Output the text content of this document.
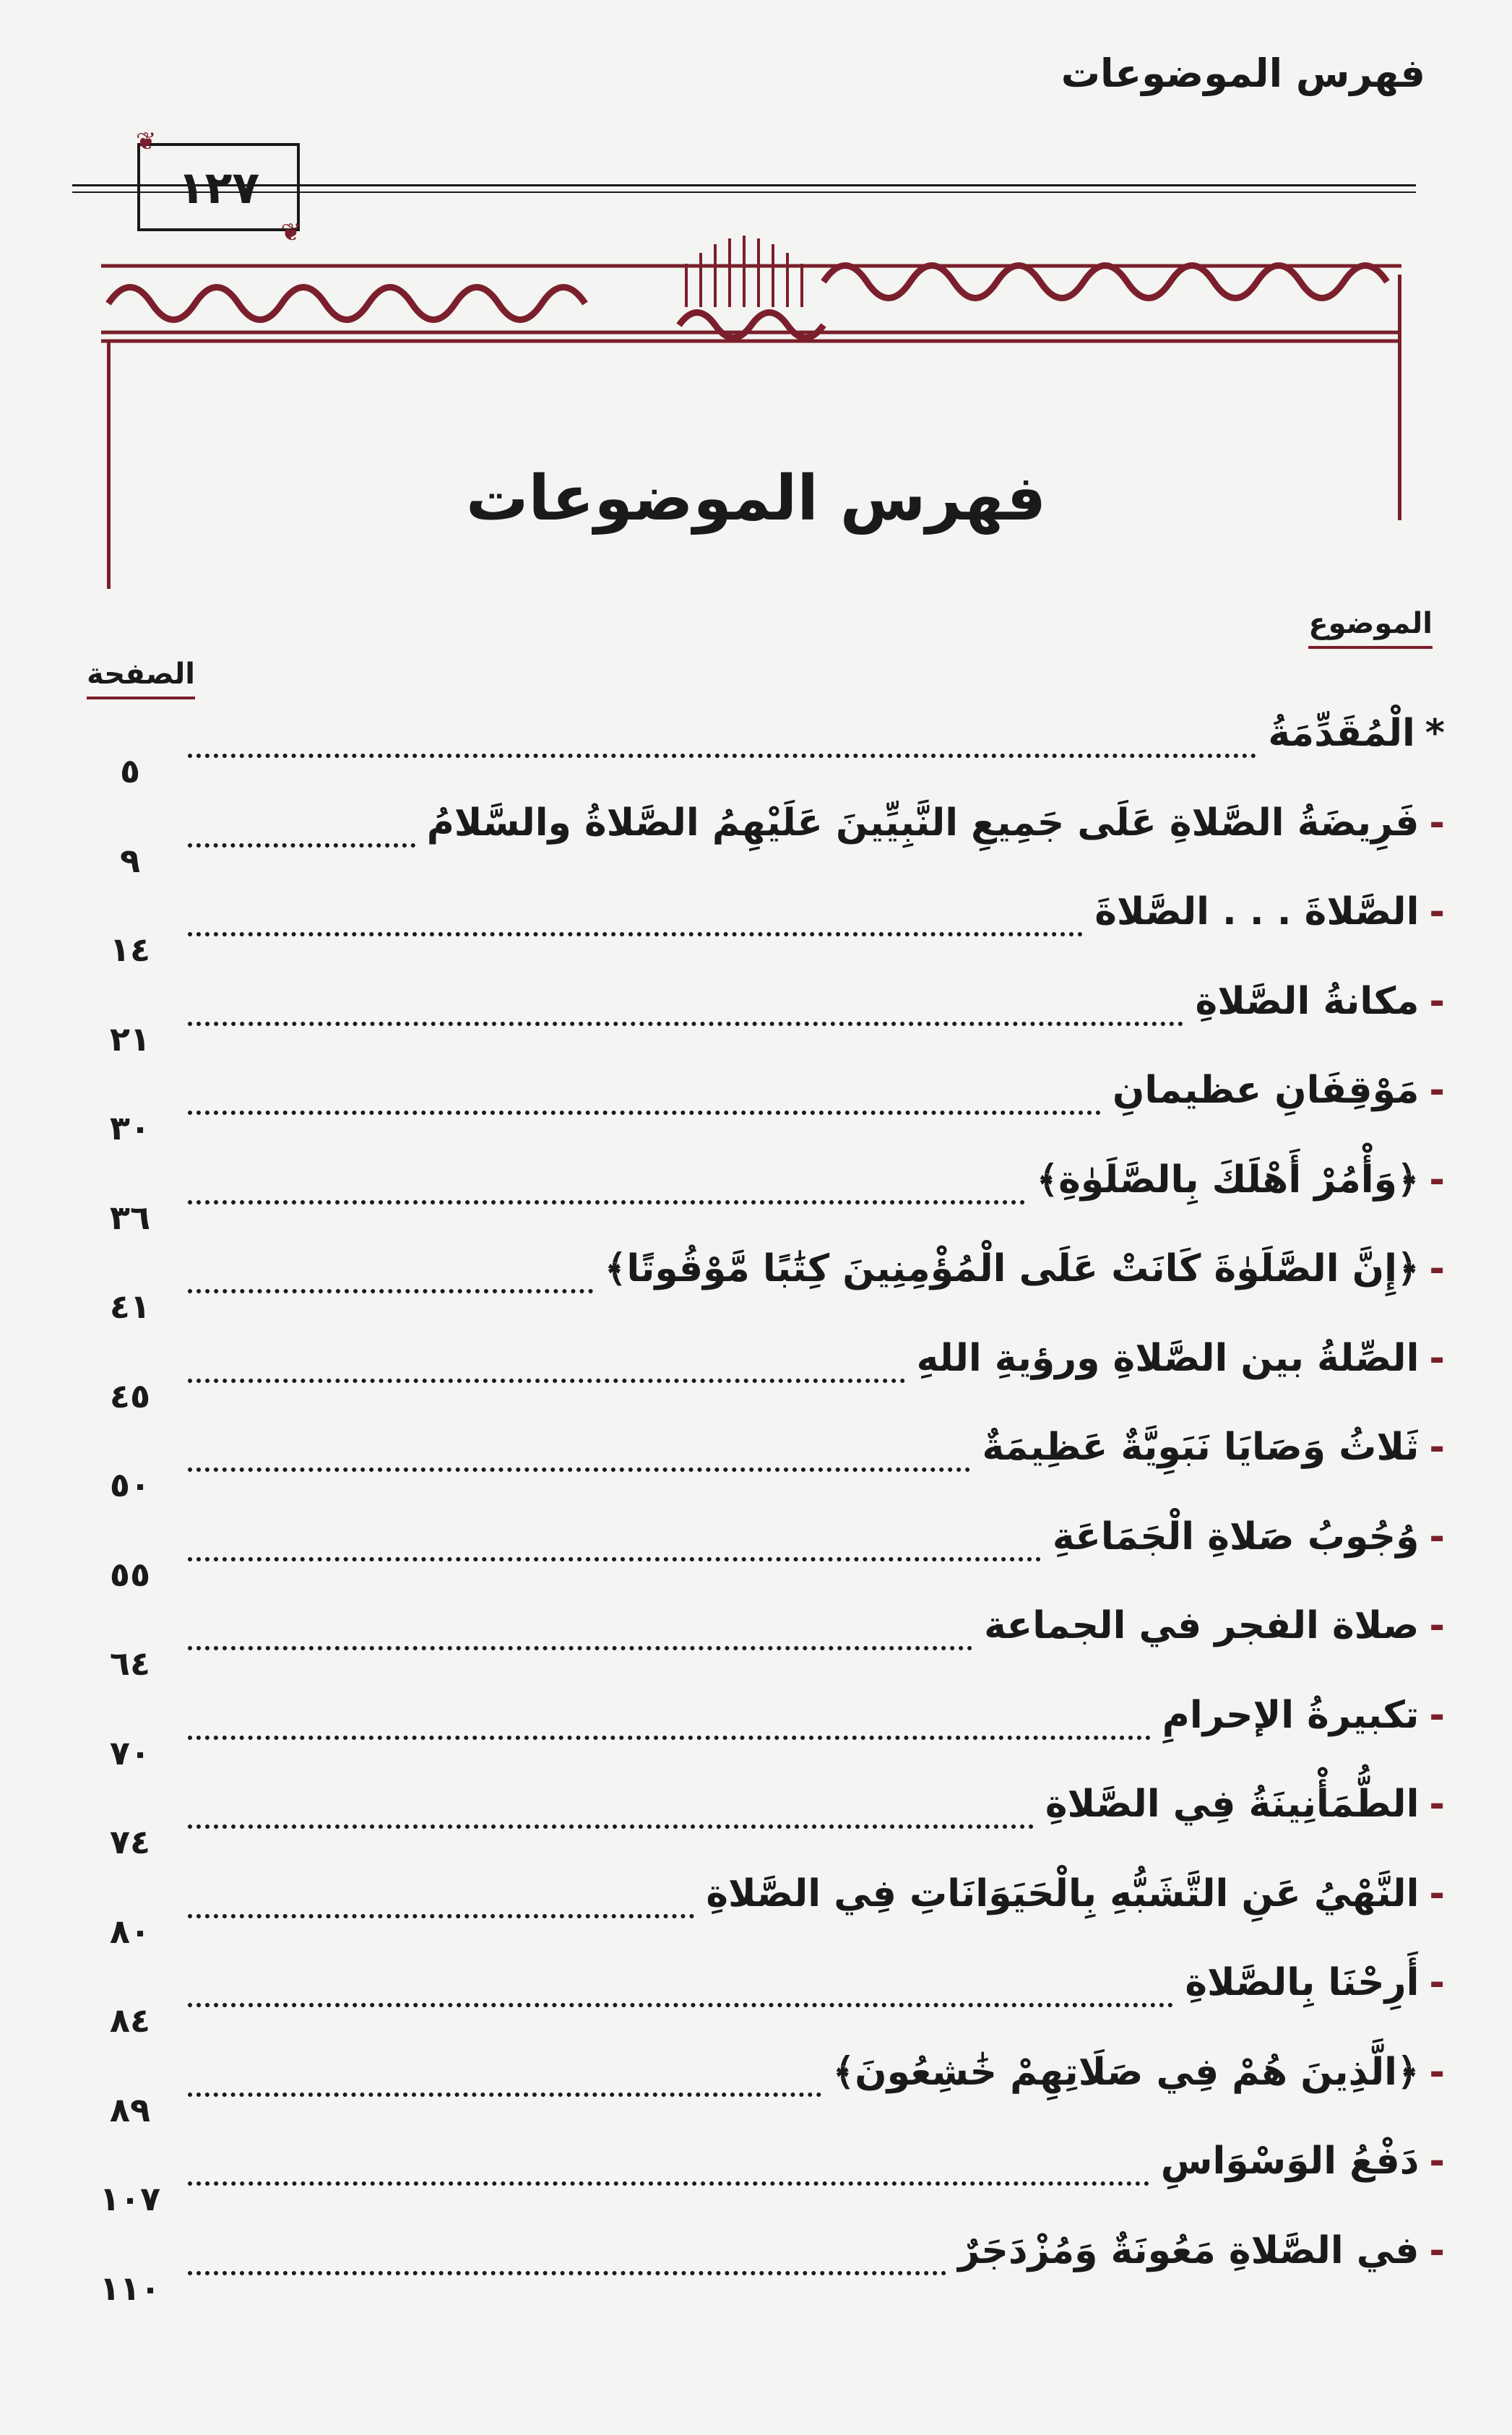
فهرس الموضوعات
❦
١٢٧
❦
فهرس الموضوعات
الموضوع
الصفحة
*الْمُقَدِّمَةُ
٥
-فَرِيضَةُ الصَّلاةِ عَلَى جَمِيعِ النَّبِيِّينَ عَلَيْهِمُ الصَّلاةُ والسَّلامُ
٩
-الصَّلاةَ . . . الصَّلاةَ
١٤
-مكانةُ الصَّلاةِ
٢١
-مَوْقِفَانِ عظيمانِ
٣٠
-﴿وَأْمُرْ أَهْلَكَ بِالصَّلَوٰةِ﴾
٣٦
-﴿إِنَّ الصَّلَوٰةَ كَانَتْ عَلَى الْمُؤْمِنِينَ كِتَٰبًا مَّوْقُوتًا﴾
٤١
-الصِّلةُ بين الصَّلاةِ ورؤيةِ اللهِ
٤٥
-ثَلاثُ وَصَايَا نَبَوِيَّةٌ عَظِيمَةٌ
٥٠
-وُجُوبُ صَلاةِ الْجَمَاعَةِ
٥٥
-صلاة الفجر في الجماعة
٦٤
-تكبيرةُ الإحرامِ
٧٠
-الطُّمَأْنِينَةُ فِي الصَّلاةِ
٧٤
-النَّهْيُ عَنِ التَّشَبُّهِ بِالْحَيَوَانَاتِ فِي الصَّلاةِ
٨٠
-أَرِحْنَا بِالصَّلاةِ
٨٤
-﴿الَّذِينَ هُمْ فِي صَلَاتِهِمْ خَٰشِعُونَ﴾
٨٩
-دَفْعُ الوَسْوَاسِ
١٠٧
-في الصَّلاةِ مَعُونَةٌ وَمُزْدَجَرٌ
١١٠
